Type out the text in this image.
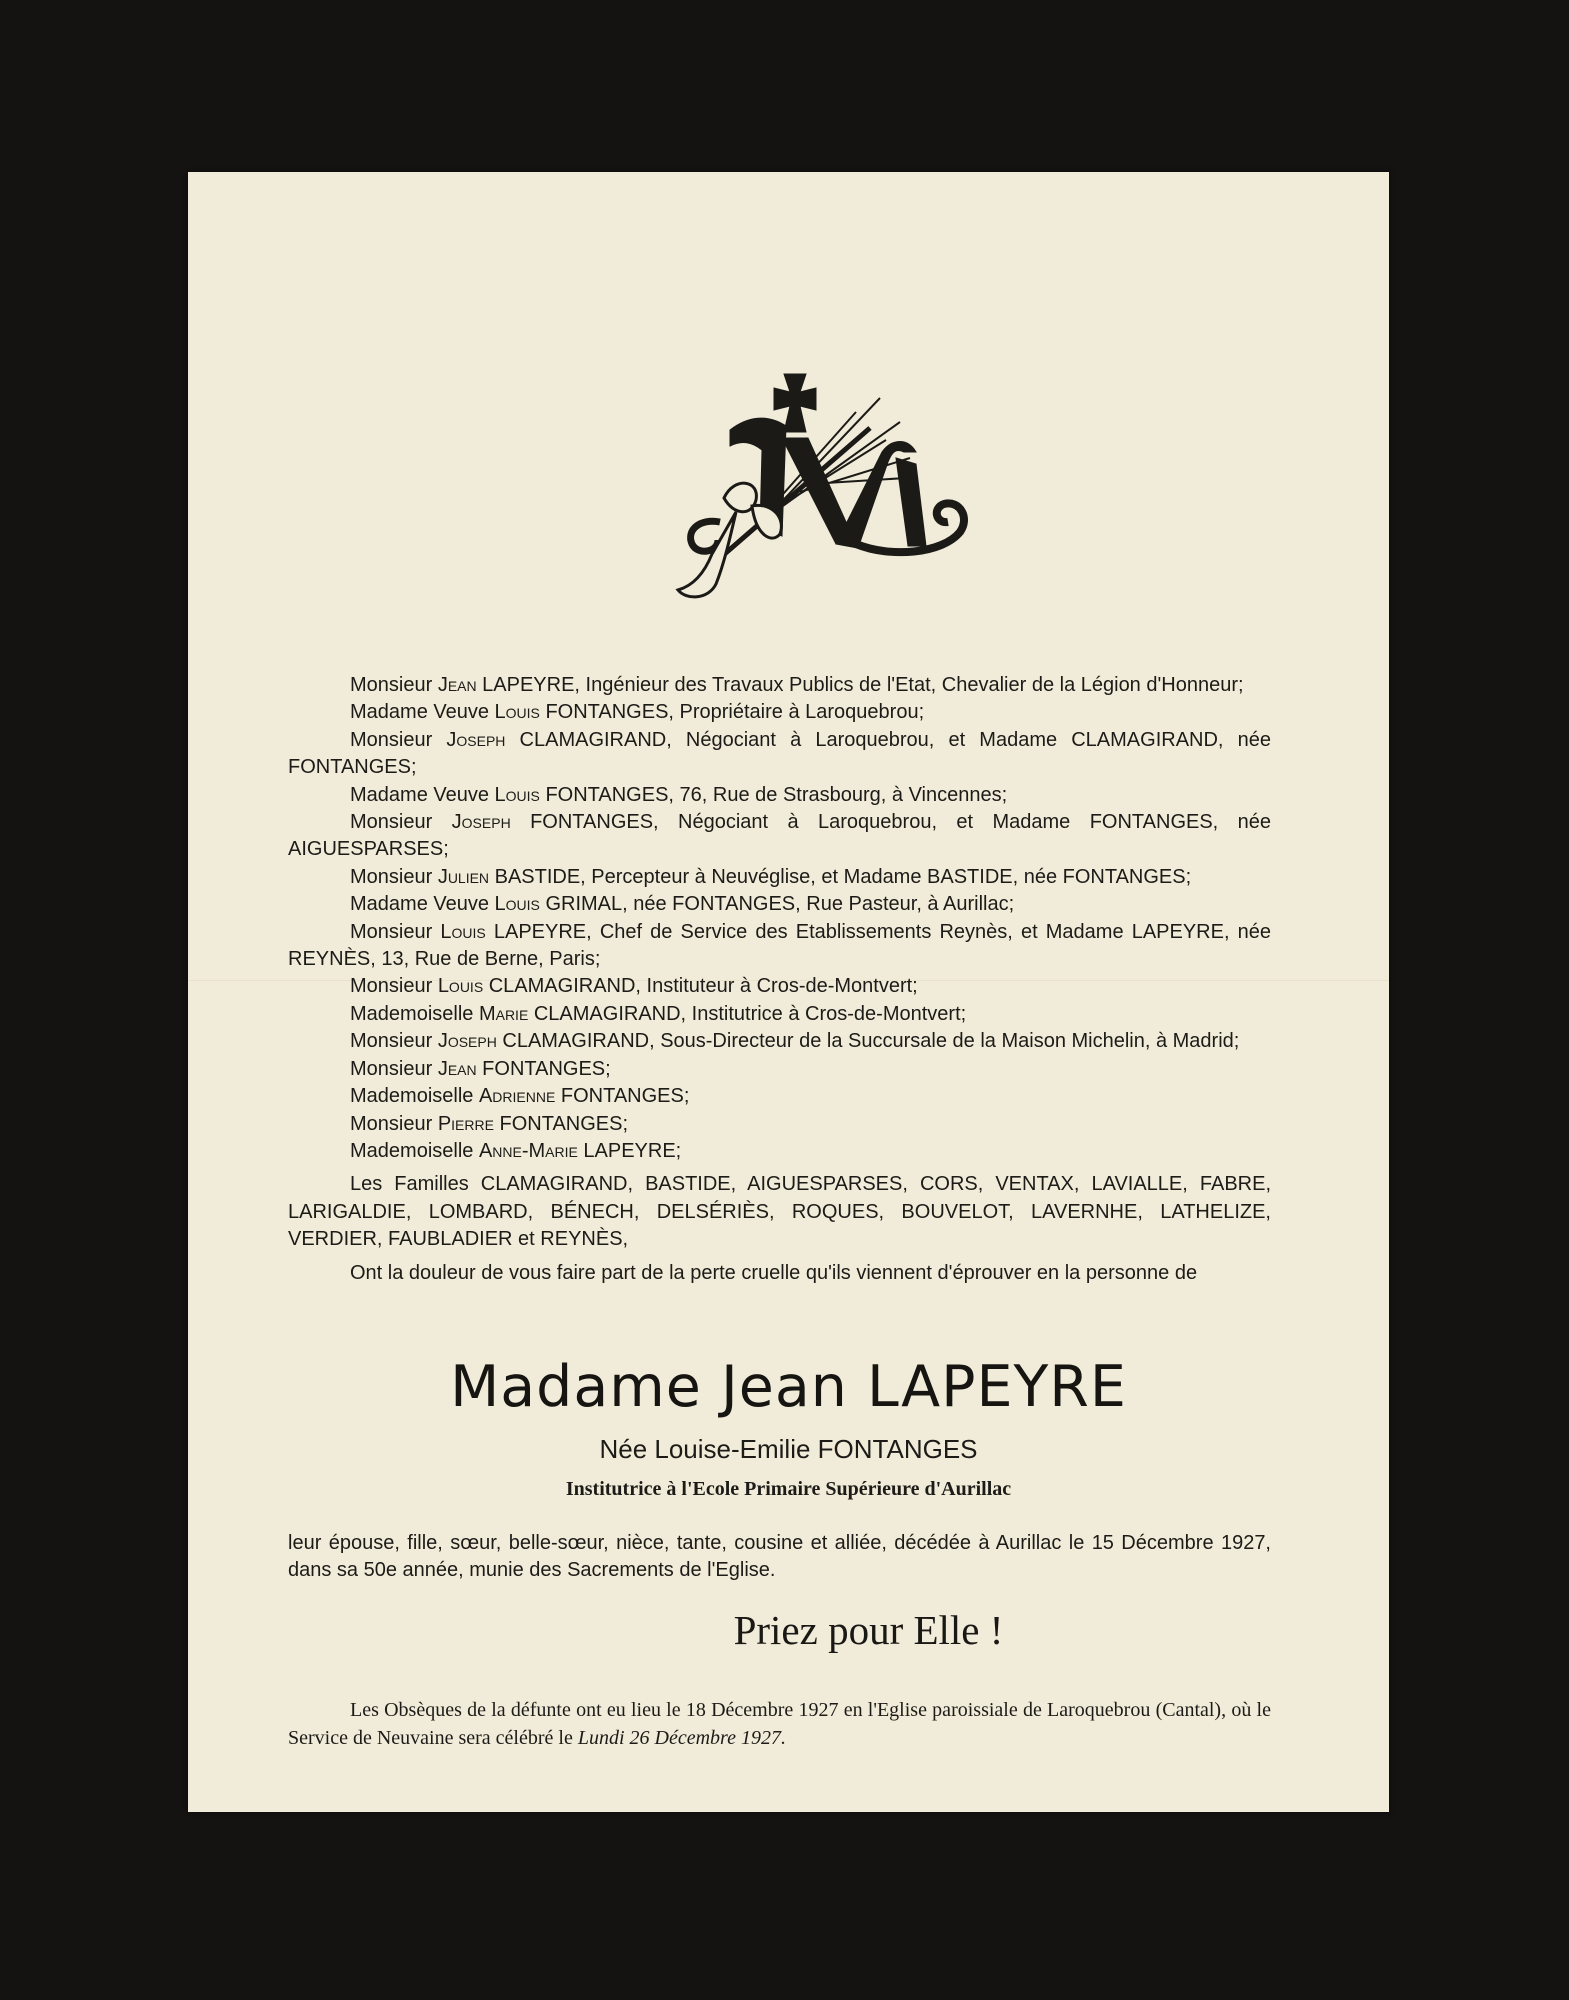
Monsieur Jean LAPEYRE, Ingénieur des Travaux Publics de l'Etat, Chevalier de la Légion d'Honneur;

Madame Veuve Louis FONTANGES, Propriétaire à Laroquebrou;

Monsieur Joseph CLAMAGIRAND, Négociant à Laroquebrou, et Madame CLAMAGIRAND, née FONTANGES;

Madame Veuve Louis FONTANGES, 76, Rue de Strasbourg, à Vincennes;

Monsieur Joseph FONTANGES, Négociant à Laroquebrou, et Madame FONTANGES, née AIGUESPARSES;

Monsieur Julien BASTIDE, Percepteur à Neuvéglise, et Madame BASTIDE, née FONTANGES;

Madame Veuve Louis GRIMAL, née FONTANGES, Rue Pasteur, à Aurillac;

Monsieur Louis LAPEYRE, Chef de Service des Etablissements Reynès, et Madame LAPEYRE, née REYNÈS, 13, Rue de Berne, Paris;

Monsieur Louis CLAMAGIRAND, Instituteur à Cros-de-Montvert;

Mademoiselle Marie CLAMAGIRAND, Institutrice à Cros-de-Montvert;

Monsieur Joseph CLAMAGIRAND, Sous-Directeur de la Succursale de la Maison Michelin, à Madrid;

Monsieur Jean FONTANGES;

Mademoiselle Adrienne FONTANGES;

Monsieur Pierre FONTANGES;

Mademoiselle Anne-Marie LAPEYRE;

Les Familles CLAMAGIRAND, BASTIDE, AIGUESPARSES, CORS, VENTAX, LAVIALLE, FABRE, LARIGALDIE, LOMBARD, BÉNECH, DELSÉRIÈS, ROQUES, BOUVELOT, LAVERNHE, LATHELIZE, VERDIER, FAUBLADIER et REYNÈS,

Ont la douleur de vous faire part de la perte cruelle qu'ils viennent d'éprouver en la personne de

Madame Jean LAPEYRE
Née Louise-Emilie FONTANGES
Institutrice à l'Ecole Primaire Supérieure d'Aurillac

leur épouse, fille, sœur, belle-sœur, nièce, tante, cousine et alliée, décédée à Aurillac le 15 Décembre 1927, dans sa 50e année, munie des Sacrements de l'Eglise.

Priez pour Elle !

Les Obsèques de la défunte ont eu lieu le 18 Décembre 1927 en l'Eglise paroissiale de Laroquebrou (Cantal), où le Service de Neuvaine sera célébré le Lundi 26 Décembre 1927.
